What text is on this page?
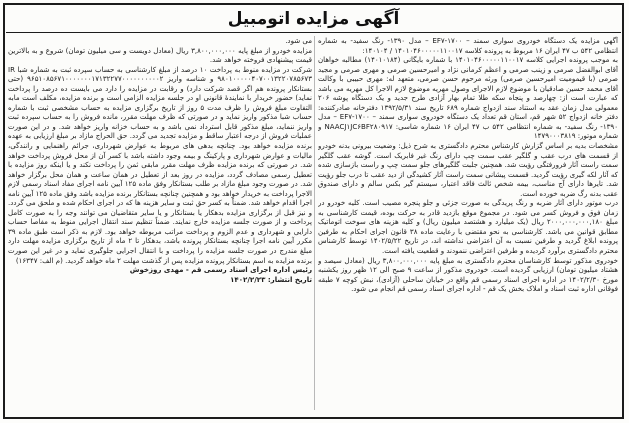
آگهی مزایده اتومبیل

آگهی مزایده یک دستگاه خودروی سواری سمند – EF۷-۱۷۰۰ – مدل ۱۳۹۰- رنگ سفید- به شماره انتظامی ۵۴۲ ب ۴۷ ایران ۱۶ مربوط به پرونده کلاسه ۱۴۰۱۰۴۶۰۰۰۰۰۱۱۰۰۱۷ / ۱۴۰۱۰۴:

به موجب پرونده اجرایی کلاسه ۱۴۰۱۰۴۶۰۰۰۰۰۱۱۰۰۱۷ با شماره بایگانی (۱۴۰۱۰۱۸۴) مطالبه خواهان آقای ابوالفضل صرمی و زینب صرمی و اعظم کرمانی نژاد و امیرحسین صرمی و مهری صرمی و مجید صرمی (با قیمومیت امیرحسین صرمی) ورثه مرحوم حسن صرمی، متعهد له: مهری حبیبی با وکالت آقای محمد حسین صادقیان با موضوع لازم الاجرای وصول مهریه موضوع لازم الاجرا کل مهریه می باشد که عبارت است از: چهارصد و پنجاه سکه طلا تمام بهار آزادی طرح جدید و یک دستگاه پوشه ۲۰۶ معمولی مدل زمان عقد به استناد سند ازدواج شماره ۶۸۹ تاریخ سند ۱۳۹۲/۵/۳۱ دفترخانه صادرکننده: دفتر خانه ازدواج ۵۲ شهر قم، استان قم تعداد یک دستگاه خودروی سواری سمند – EF۷-۱۷۰۰ – مدل ۱۳۹۰- رنگ سفید- به شماره انتظامی ۵۴۲ ب ۴۷ ایران ۱۶ شماره شاسی: NAACJ۱JC۶BF۲۸۰۹۱۷ و شماره موتور: ۱۴۷۹۰۰۰۳۸۱۹

مشخصات بدیه بر اساس گزارش کارشناس محترم دادگستری به شرح ذیل: وضعیت بیرونی بدنه خودرو از قسمت های درب عقب و گلگیر عقب سمت چپ دارای رنگ غیر فابریک است. گوشه عقب گلگیر سمت راست آثار فرورفتگی رؤیت شد. همچنین جلبت گلگیرهای جلو سمت چپ و راست بازسازی شده که آثار لکه گیری رؤیت گردید. قسمت پیشانی سمت راست آثار کشیدگی از دید عقب تا درب جلو رؤیت شد. تایرها دارای آج مناسب، بیمه شخص ثالث فاقد اعتبار، سیستم گیر بکس سالم و دارای صندوق عقب بدنه رگ ضربه خورده است.

درب موتور دارای آثار ضربه و رنگ پریدگی به صورت جزئی و جلو پنجره مصیب است. کلیه خودرو در زمان فوق و فروش کسر می شود. در مجموع موقع بازدید قادر به حرکت بوده، قیمت کارشناسی به مبلغ ۲۰۰۰,۰۰۰,۰۰۰,۱۸۰ ریال (یک میلیارد و هشتصد میلیون ریال) و کلیه هزینه های سوخت اتوماتیک مطابق قوانین می باشد. کارشناسی به نحو مقتضی با رعایت ماده ۳۸ قانون اجرای احکام به طرفین پرونده ابلاغ گردید و طرفین نسبت به آن اعتراضی نداشته اند، در تاریخ ۱۴۰۲/۵/۲۲ توسط کارشناس محترم دادگستری برآورد گردیده و طرفین اعتراضی ننمودند و قطعیت یافته است.

خودروی مذکور توسط کارشناسان محترم دادگستری به مبلغ پایه ۳,۸۰۰,۰۰۰,۰۰۰ ریال (معادل سیصد و هشتاد میلیون تومان) ارزیابی گردیده است. خودروی مذکور از ساعت ۹ صبح الی ۱۲ ظهر روز یکشنبه مورخ ۱۴۰۲/۲/۳۰ در اداره اجرای اسناد رسمی قم واقع در خیابان ساحلی (آزادی)، نبش کوچه ۷ طبقه فوقانی اداره ثبت اسناد و املاک بخش یک قم - اداره اجرای اسناد رسمی قم انجام می شود.

می شود.

مزایده خودرو از مبلغ پایه ۳,۸۰۰,۰۰۰,۰۰۰ ریال (معادل دویست و سی میلیون تومان) شروع و به بالاترین قیمت پیشنهادی فروخته خواهد شد.

شرکت در مزایده منوط به پرداخت ۱۰ درصد از مبلغ کارشناسی به حساب سپرده ثبت به شماره شبا IR ۹۸۰۱۰۰۰۰۰۴۰۷۰۰۱۳۲۲۰۷۸۵۶۷۳ و شناسه واریز ۹۶۵۱۰۸۵۶۷۱۰۰۰۰۰۰۰۱۷۱۳۲۲۷۷۰۰۰۰۰۰۰۰۰۰۲ (حتی بستانکار پرونده هم اگر قصد شرکت دارد) و رقابت در مزایده را دارد می بایست ده درصد را پرداخت نماید) حضور خریدار با نمایندهٔ قانونی او در جلسه مزایده الزامی است و برنده مزایده، مکلف است مابه التفاوت مبلغ فروش را ظرف مدت ۵ روز از تاریخ برگزاری مزایده به حساب مشخصی ثبت با شماره حساب شبا مذکور واریز نماید و در صورتی که ظرف مهلت مقرر، مانده فروش را به حساب سپرده ثبت واریز ننماید، مبلغ مذکور قابل استرداد نمی باشد و به حساب خزانه واریز خواهد شد. و در این صورت عملیات فروش از درجه اعتبار ساقط و مزایده تجدید می گردد. حق الحراج مازاد بر مبلغ ارزیابی به عهده برنده مزایده خواهد بود. چنانچه بدهی های مربوط به عوارض شهرداری، جرائم راهنمایی و رانندگی، مالیات و عوارض شهرداری و پارکینگ و بیمه وجود داشته باشد با کسر آن از محل فروش پرداخت خواهد شد. در صورتی که برنده مزایده ظرف مهلت مقرر مابقی ثمن را پرداخت نکند و یا اینکه روز مزایده با تعطیل رسمی مصادف گردد، مزایده در روز بعد از تعطیل در همان ساعت و همان محل برگزار خواهد شد. در صورت وجود مبلغ مازاد بر طلب بستانکار وفق ماده ۱۲۵ آیین نامه اجرای مفاد اسناد رسمی لازم الاجرا پرداخت به خریدار خواهد بود و همچنین چنانچه بستانکار برنده مزایده باشد وفق ماده ۱۲۵ آیین نامه اجرا اقدام خواهد شد. ضمناً به کسر حق ثبت و سایر هزینه ها که در اجرای احکام شده و ملحق می گردد. و نیز قبل از برگزاری مزایده بدهکار یا بستانکار و یا سایر متقاضیان می توانند وجه را به صورت کامل پرداخت و از صورت جلسه مزایده خارج نمایند. ضمناً تنظیم سند انتقال اجرایی منوط به مفاصا حساب دارایی و شهرداری و عدم الزوم و پرداخت مراتب مربوطه خواهد بود. لازم به ذکر است طبق ماده ۳۹ مکرر آیین نامه اجرا چنانچه بستانکار پرونده باشد، بدهکار تا ۲ ماه از تاریخ برگزاری مزایده مهلت دارد مبلغ مندرج در صورت جلسه مزایده را پرداخت و با انتقال اجرایی جلوگیری نماید و در غیر این صورت برنده مزایده به اسم بستانکار پرونده مزایده پس از گذشت مهلت ۲ ماه خواهد گردید. (م الف: ۱۶۳۴۷)

رئیس اداره اجرای اسناد رسمی قم - مهدی روزخوش

تاریخ انتشار: ۱۴۰۲/۲/۲۳
